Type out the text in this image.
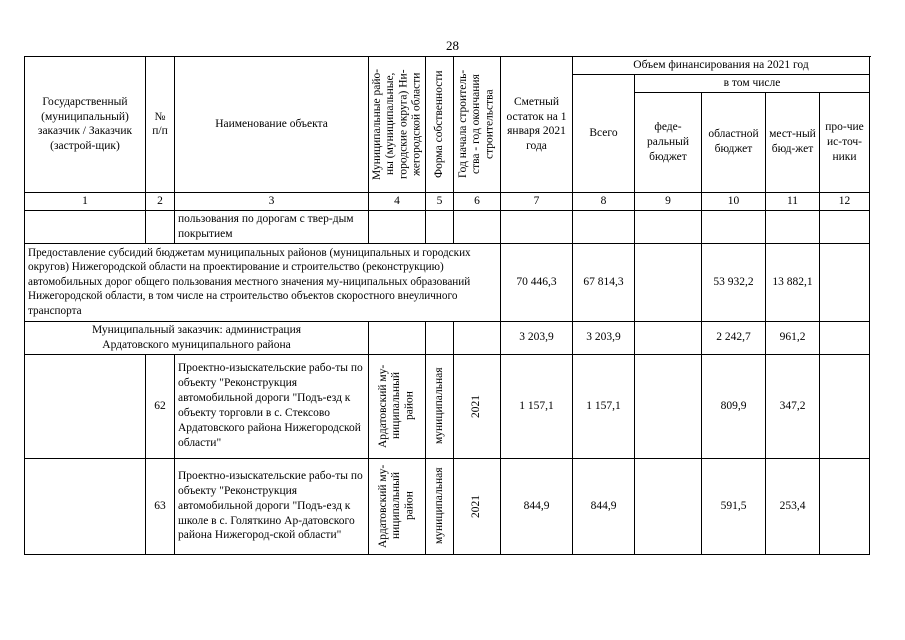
28
Государственный (муниципальный) заказчик / Заказчик (застрой-щик)	№ п/п	Наименование объекта	Муниципальные райо-ны (муниципальные, городские округа) Ни-жегородской области	Форма собственности	Год начала строитель-ства - год окончания строительства	Сметный остаток на 1 января 2021 года	Объем финансирования на 2021 год				
							Всего	в том числе			
								феде-ральный бюджет	областной бюджет	мест-ный бюд-жет	про-чие ис-точ-ники
1	2	3	4	5	6	7	8	9	10	11	12
		пользования по дорогам с твер-дым покрытием									
Предоставление субсидий бюджетам муниципальных районов (муниципальных и городских округов) Нижегородской области на проектирование и строительство (реконструкцию) автомобильных дорог общего пользования местного значения му-ниципальных образований Нижегородской области, в том числе на строительство объектов скоростного внеуличного транспорта						70 446,3	67 814,3		53 932,2	13 882,1	
Муниципальный заказчик: администрация Ардатовского муниципального района						3 203,9	3 203,9		2 242,7	961,2	
	62	Проектно-изыскательские рабо-ты по объекту "Реконструкция автомобильной дороги "Подъ-езд к объекту торговли в с. Стексово Ардатовского района Нижегородской области"	Ардатовский му-ниципальный район	муниципальная	2021	1 157,1	1 157,1		809,9	347,2	
	63	Проектно-изыскательские рабо-ты по объекту "Реконструкция автомобильной дороги "Подъ-езд к школе в с. Голяткино Ар-датовского района Нижегород-ской области"	Ардатовский му-ниципальный район	муниципальная	2021	844,9	844,9		591,5	253,4	
